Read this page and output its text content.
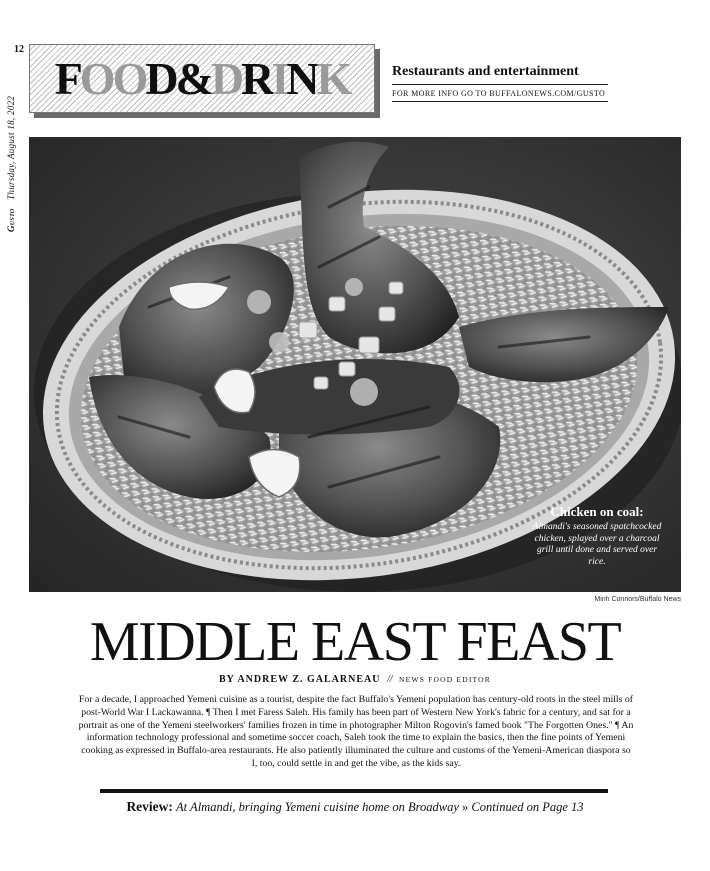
12
Gusto Thursday, August 18, 2022
FOOD&DRINK	Restaurants and entertainment
FOR MORE INFO GO TO BUFFALONEWS.COM/GUSTO
Chicken on coal:
Almandi's seasoned spatchcocked chicken, splayed over a charcoal grill until done and served over rice.
Minh Connors/Buffalo News
MIDDLE EAST FEAST
BY ANDREW Z. GALARNEAU // NEWS FOOD EDITOR
For a decade, I approached Yemeni cuisine as a tourist, despite the fact Buffalo's Yemeni population has century-old roots in the steel mills of post-World War I Lackawanna. ¶ Then I met Faress Saleh. His family has been part of Western New York's fabric for a century, and sat for a portrait as one of the Yemeni steelworkers' families frozen in time in photographer Milton Rogovin's famed book "The Forgotten Ones." ¶ An information technology professional and sometime soccer coach, Saleh took the time to explain the basics, then the fine points of Yemeni cooking as expressed in Buffalo-area restaurants. He also patiently illuminated the culture and customs of the Yemeni-American diaspora so I, too, could settle in and get the vibe, as the kids say.
Review: At Almandi, bringing Yemeni cuisine home on Broadway » Continued on Page 13
